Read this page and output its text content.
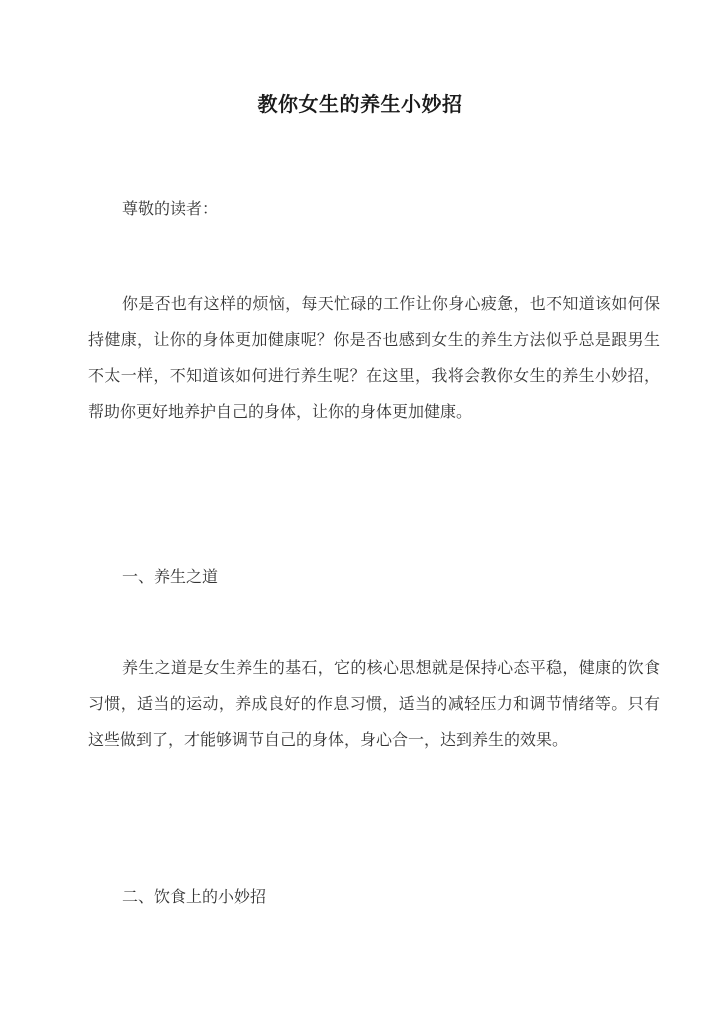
教你女生的养生小妙招
尊敬的读者：
你是否也有这样的烦恼，每天忙碌的工作让你身心疲惫，也不知道该如何保持健康，让你的身体更加健康呢？你是否也感到女生的养生方法似乎总是跟男生不太一样，不知道该如何进行养生呢？在这里，我将会教你女生的养生小妙招，帮助你更好地养护自己的身体，让你的身体更加健康。
一、养生之道
养生之道是女生养生的基石，它的核心思想就是保持心态平稳，健康的饮食习惯，适当的运动，养成良好的作息习惯，适当的减轻压力和调节情绪等。只有这些做到了，才能够调节自己的身体，身心合一，达到养生的效果。
二、饮食上的小妙招
